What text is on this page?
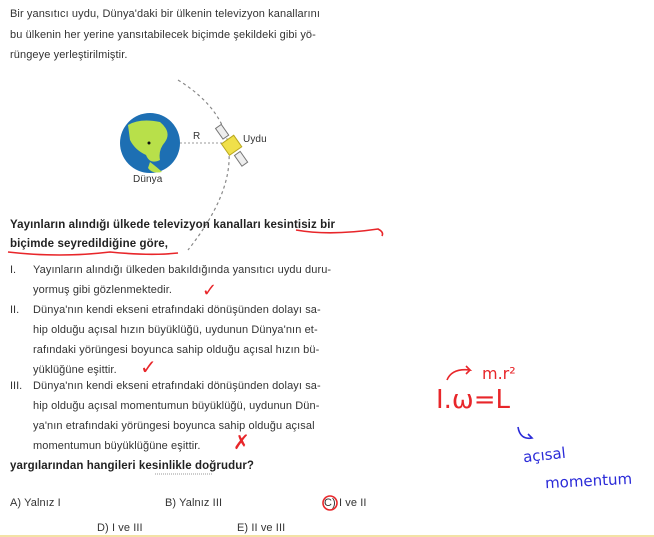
Bir yansıtıcı uydu, Dünya'daki bir ülkenin televizyon kanallarını
bu ülkenin her yerine yansıtabilecek biçimde şekildeki gibi yö-
rüngeye yerleştirilmiştir.
Dünya
R	Uydu
Yayınların alındığı ülkede televizyon kanalları kesintisiz bir
biçimde seyredildiğine göre,
I. Yayınların alındığı ülkeden bakıldığında yansıtıcı uydu duru-
yormuş gibi gözlenmektedir. ✓
II. Dünya'nın kendi ekseni etrafındaki dönüşünden dolayı sa-
hip olduğu açısal hızın büyüklüğü, uydunun Dünya'nın et-
rafındaki yörüngesi boyunca sahip olduğu açısal hızın bü-
yüklüğüne eşittir. ✓
III. Dünya'nın kendi ekseni etrafındaki dönüşünden dolayı sa-
hip olduğu açısal momentumun büyüklüğü, uydunun Dün-
ya'nın etrafındaki yörüngesi boyunca sahip olduğu açısal
momentumun büyüklüğüne eşittir. ✗
yargılarından hangileri kesinlikle doğrudur?
A) Yalnız I	B) Yalnız III	C) I ve II
D) I ve III	E) II ve III
I.ω=L
m.r²
açısal
momentum
